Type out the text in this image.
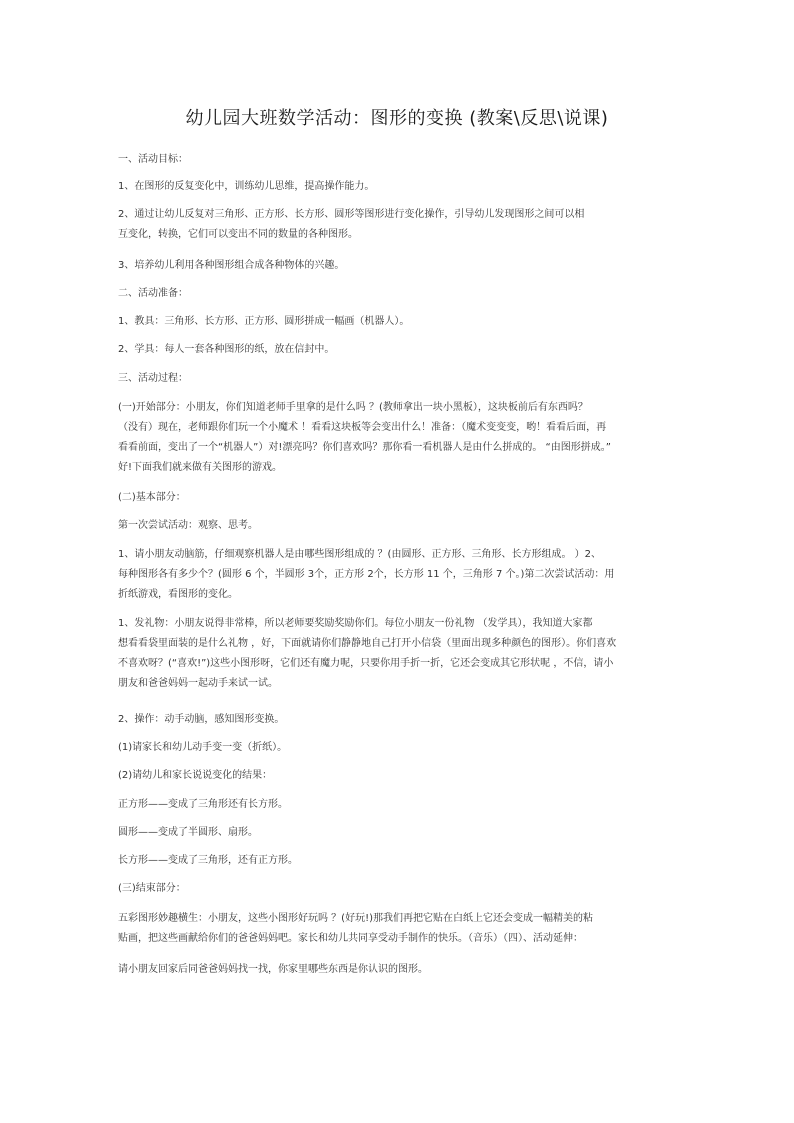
幼儿园大班数学活动：图形的变换 (教案\反思\说课)
一、活动目标：
1、在图形的反复变化中，训练幼儿思维，提高操作能力。
2、通过让幼儿反复对三角形、正方形、长方形、圆形等图形进行变化操作，引导幼儿发现图形之间可以相
互变化，转换，它们可以变出不同的数量的各种图形。
3、培养幼儿利用各种图形组合成各种物体的兴趣。
二、活动准备：
1、教具：三角形、长方形、正方形、圆形拼成一幅画（机器人）。
2、学具：每人一套各种图形的纸，放在信封中。
三、活动过程：
(一)开始部分：小朋友，你们知道老师手里拿的是什么吗 ？(教师拿出一块小黑板），这块板前后有东西吗？
（没有）现在，老师跟你们玩一个小魔术 ！看看这块板等会变出什么！准备：（魔术变变变，哟！看看后面，再
看看前面，变出了一个“机器人”）对!漂亮吗？你们喜欢吗？那你看一看机器人是由什么拼成的。 “由图形拼成。”
好!下面我们就来做有关图形的游戏。
(二)基本部分：
第一次尝试活动：观察、思考。
1、请小朋友动脑筋，仔细观察机器人是由哪些图形组成的 ？(由圆形、正方形、三角形、长方形组成。 ）2、
每种图形各有多少个？(圆形 6 个，半圆形 3个，正方形 2个，长方形 11 个，三角形 7 个。)第二次尝试活动：用
折纸游戏，看图形的变化。
1、发礼物：小朋友说得非常棒，所以老师要奖励奖励你们。每位小朋友一份礼物 （发学具），我知道大家都
想看看袋里面装的是什么礼物 ，好，下面就请你们静静地自己打开小信袋（里面出现多种颜色的图形）。你们喜欢
不喜欢呀？(“喜欢!”)这些小图形呀，它们还有魔力呢，只要你用手折一折，它还会变成其它形状呢 ，不信，请小
朋友和爸爸妈妈一起动手来试一试。
2、操作：动手动脑，感知图形变换。
(1)请家长和幼儿动手变一变（折纸）。
(2)请幼儿和家长说说变化的结果：
正方形——变成了三角形还有长方形。
圆形——变成了半圆形、扇形。
长方形——变成了三角形，还有正方形。
(三)结束部分：
五彩图形妙趣横生：小朋友，这些小图形好玩吗 ？(好玩!)那我们再把它贴在白纸上它还会变成一幅精美的粘
贴画，把这些画献给你们的爸爸妈妈吧。家长和幼儿共同享受动手制作的快乐。（音乐）（四）、活动延伸：
请小朋友回家后同爸爸妈妈找一找，你家里哪些东西是你认识的图形。
